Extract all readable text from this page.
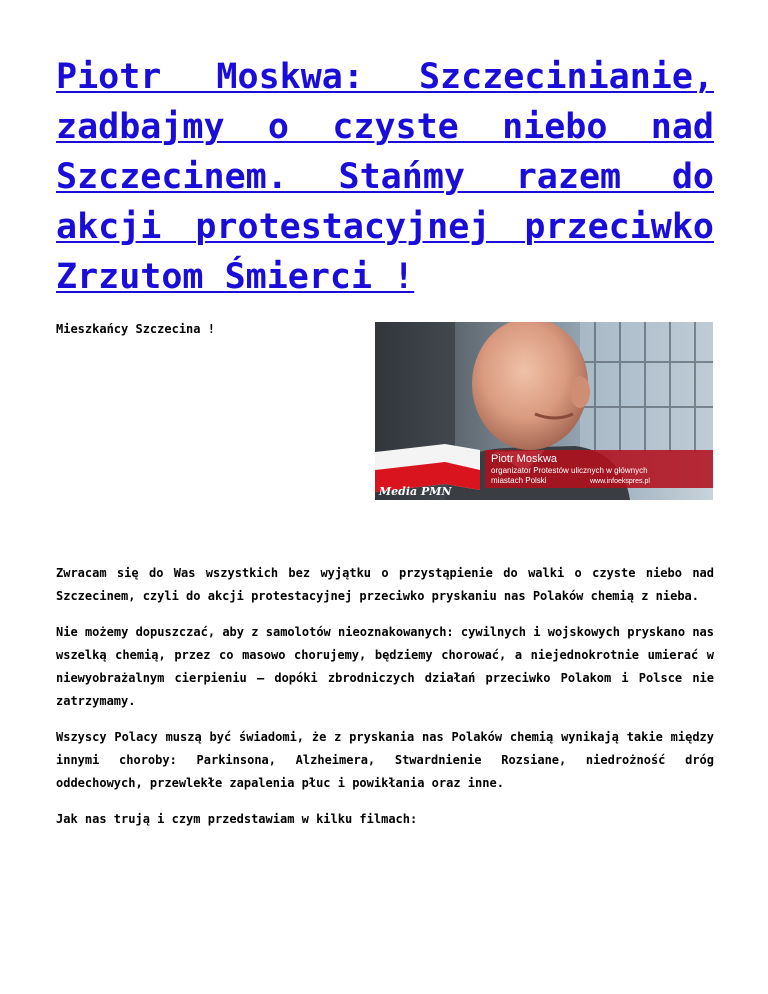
Piotr Moskwa: Szczecinianie, zadbajmy o czyste niebo nad Szczecinem. Stańmy razem do akcji protestacyjnej przeciwko Zrzutom Śmierci !
Mieszkańcy Szczecina !
Piotr Moskwa
organizator Protestów ulicznych w głównych
miastach Polski	www.infoekspres.pl
Media PMN

Zwracam się do Was wszystkich bez wyjątku o przystąpienie do walki o czyste niebo nad Szczecinem, czyli do akcji protestacyjnej przeciwko pryskaniu nas Polaków chemią z nieba.

Nie możemy dopuszczać, aby z samolotów nieoznakowanych: cywilnych i wojskowych pryskano nas wszelką chemią, przez co masowo chorujemy, będziemy chorować, a niejednokrotnie umierać w niewyobrażalnym cierpieniu – dopóki zbrodniczych działań przeciwko Polakom i Polsce nie zatrzymamy.

Wszyscy Polacy muszą być świadomi, że z pryskania nas Polaków chemią wynikają takie między innymi choroby: Parkinsona, Alzheimera, Stwardnienie Rozsiane, niedrożność dróg oddechowych, przewlekłe zapalenia płuc i powikłania oraz inne.

Jak nas trują i czym przedstawiam w kilku filmach:
